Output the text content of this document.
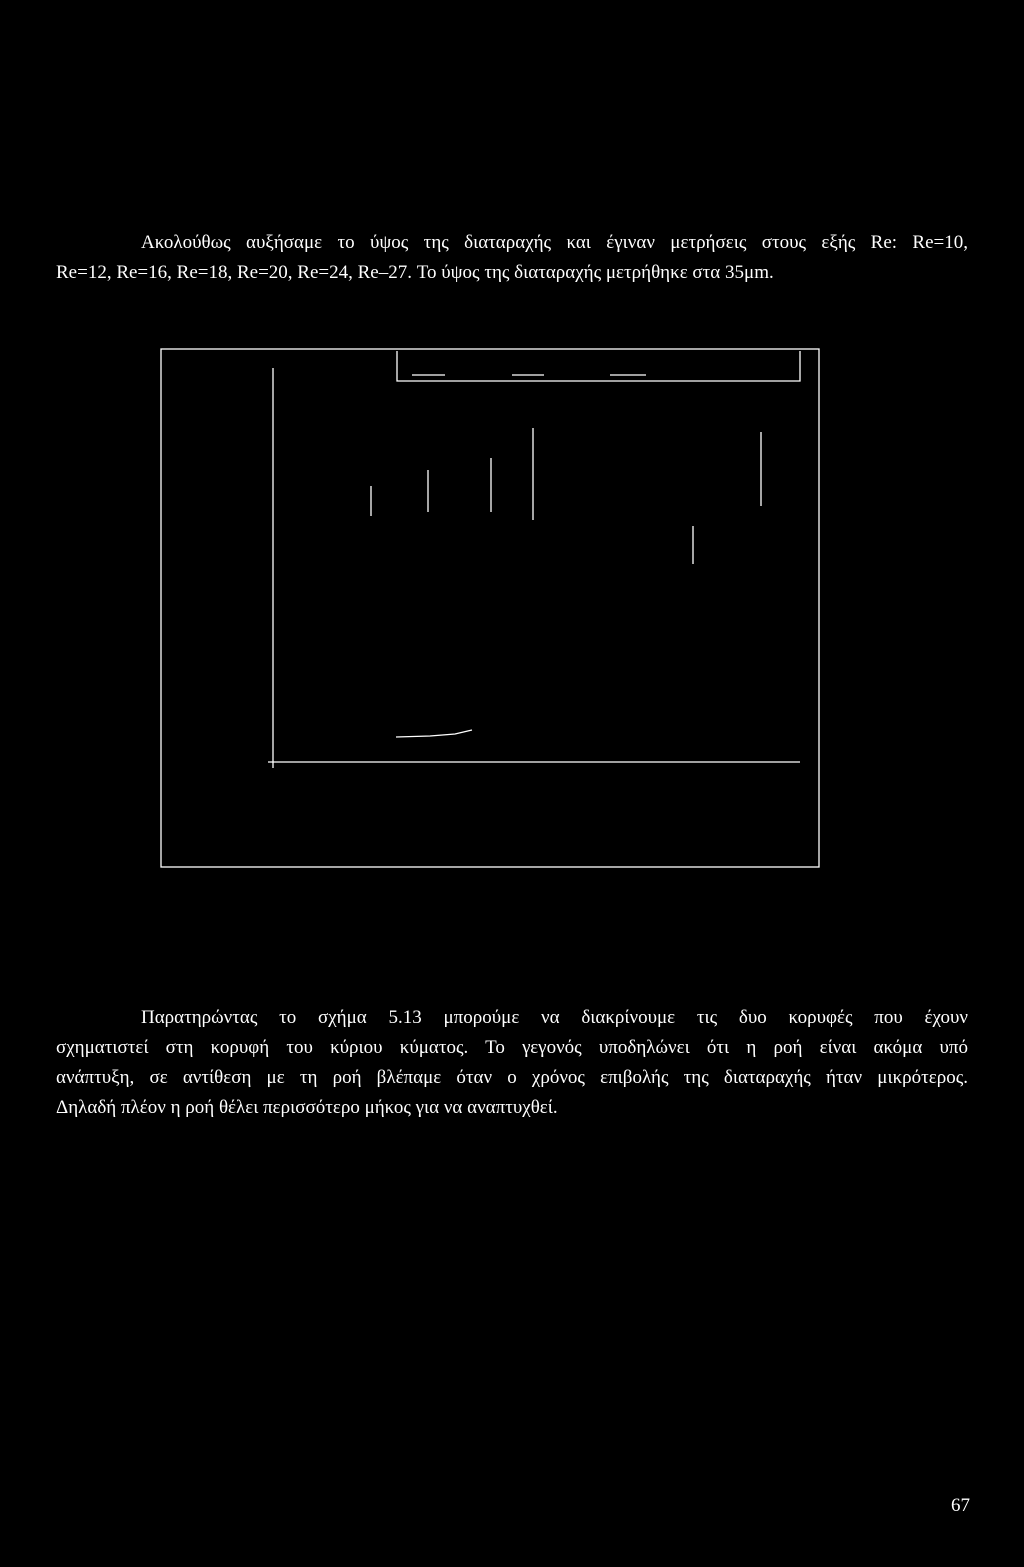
Ακολούθως αυξήσαμε το ύψος της διαταραχής και έγιναν μετρήσεις στους εξής Re: Re=10,
Re=12, Re=16, Re=18, Re=20, Re=24, Re–27. Το ύψος της διαταραχής μετρήθηκε στα 35μm.
Παρατηρώντας το σχήμα 5.13 μπορούμε να διακρίνουμε τις δυο κορυφές που έχουν
σχηματιστεί στη κορυφή του κύριου κύματος. Το γεγονός υποδηλώνει ότι η ροή είναι ακόμα υπό
ανάπτυξη, σε αντίθεση με τη ροή βλέπαμε όταν ο χρόνος επιβολής της διαταραχής ήταν μικρότερος.
Δηλαδή πλέον η ροή θέλει περισσότερο μήκος για να αναπτυχθεί.
67
